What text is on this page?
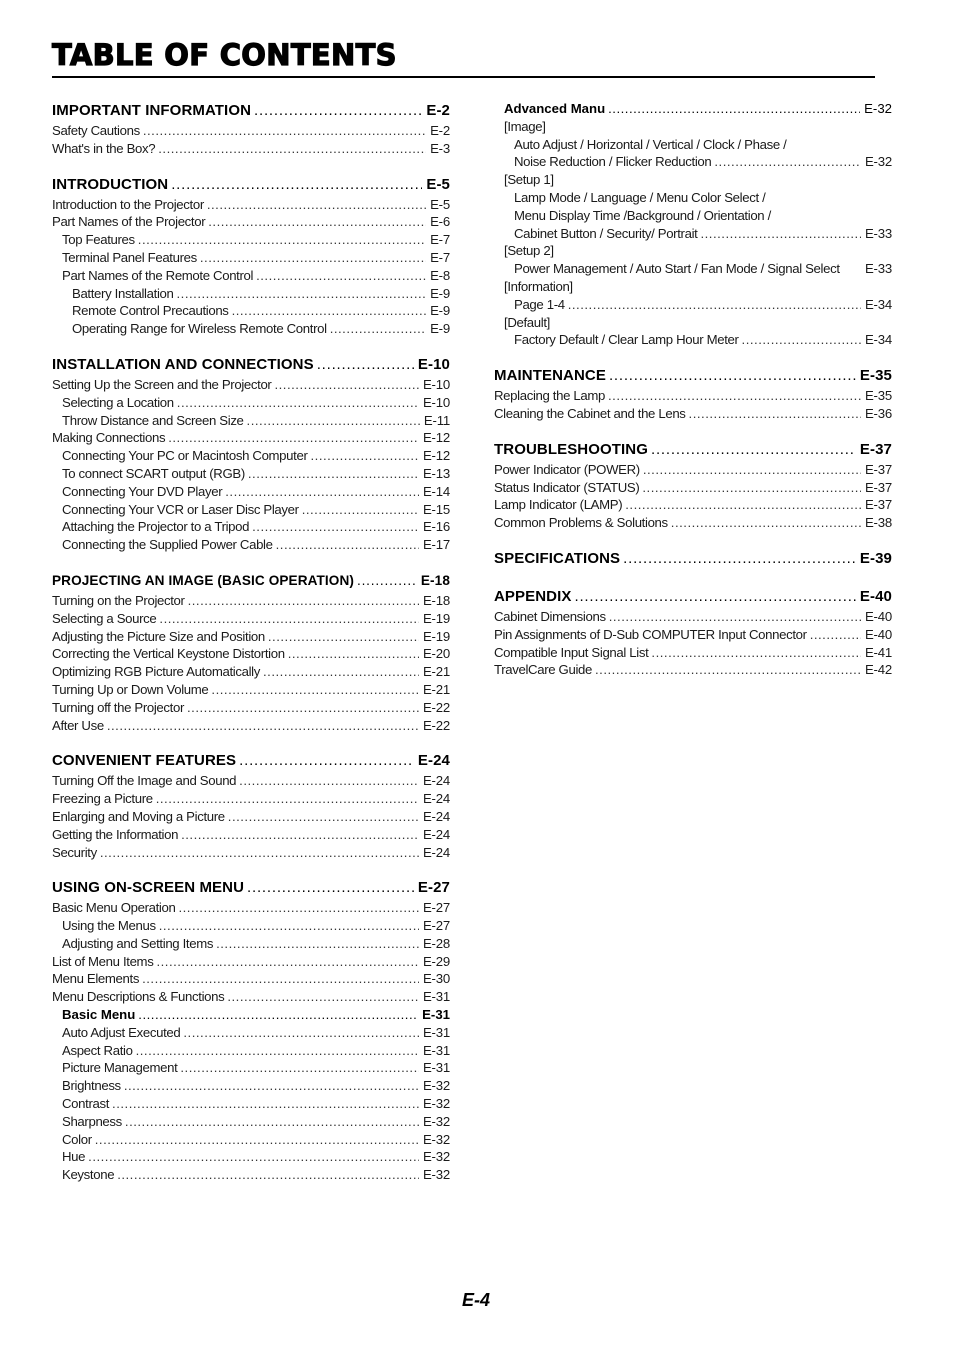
TABLE OF CONTENTS
IMPORTANT INFORMATION .....	E-2
Safety Cautions .....	E-2
What's in the Box? .....	E-3
INTRODUCTION .....	E-5
Introduction to the Projector .....	E-5
Part Names of the Projector .....	E-6
Top Features .....	E-7
Terminal Panel Features .....	E-7
Part Names of the Remote Control .....	E-8
Battery Installation .....	E-9
Remote Control Precautions .....	E-9
Operating Range for Wireless Remote Control .....	E-9
INSTALLATION AND CONNECTIONS .....	E-10
Setting Up the Screen and the Projector .....	E-10
Selecting a Location .....	E-10
Throw Distance and Screen Size .....	E-11
Making Connections .....	E-12
Connecting Your PC or Macintosh Computer .....	E-12
To connect SCART output (RGB) .....	E-13
Connecting Your DVD Player .....	E-14
Connecting Your VCR or Laser Disc Player .....	E-15
Attaching the Projector to a Tripod .....	E-16
Connecting the Supplied Power Cable .....	E-17
PROJECTING AN IMAGE (BASIC OPERATION) .....	E-18
Turning on the Projector .....	E-18
Selecting a Source .....	E-19
Adjusting the Picture Size and Position .....	E-19
Correcting the Vertical Keystone Distortion .....	E-20
Optimizing RGB Picture Automatically .....	E-21
Turning Up or Down Volume .....	E-21
Turning off the Projector .....	E-22
After Use .....	E-22
CONVENIENT FEATURES .....	E-24
Turning Off the Image and Sound .....	E-24
Freezing a Picture .....	E-24
Enlarging and Moving a Picture .....	E-24
Getting the Information .....	E-24
Security .....	E-24
USING ON-SCREEN MENU .....	E-27
Basic Menu Operation .....	E-27
Using the Menus .....	E-27
Adjusting and Setting Items .....	E-28
List of Menu Items .....	E-29
Menu Elements .....	E-30
Menu Descriptions & Functions .....	E-31
Basic Menu .....	E-31
Auto Adjust Executed .....	E-31
Aspect Ratio .....	E-31
Picture Management .....	E-31
Brightness .....	E-32
Contrast .....	E-32
Sharpness .....	E-32
Color .....	E-32
Hue .....	E-32
Keystone .....	E-32
Advanced Manu .....	E-32
[Image]
Auto Adjust / Horizontal / Vertical / Clock / Phase /
Noise Reduction / Flicker Reduction .....	E-32
[Setup 1]
Lamp Mode / Language / Menu Color Select /
Menu Display Time /Background / Orientation /
Cabinet Button / Security/ Portrait .....	E-33
[Setup 2]
Power Management / Auto Start / Fan Mode / Signal Select E-33
[Information]
Page 1-4 .....	E-34
[Default]
Factory Default / Clear Lamp Hour Meter .....	E-34
MAINTENANCE .....	E-35
Replacing the Lamp .....	E-35
Cleaning the Cabinet and the Lens .....	E-36
TROUBLESHOOTING .....	E-37
Power Indicator (POWER) .....	E-37
Status Indicator (STATUS) .....	E-37
Lamp Indicator (LAMP) .....	E-37
Common Problems & Solutions .....	E-38
SPECIFICATIONS .....	E-39
APPENDIX .....	E-40
Cabinet Dimensions .....	E-40
Pin Assignments of D-Sub COMPUTER Input Connector .....	E-40
Compatible Input Signal List .....	E-41
TravelCare Guide .....	E-42
E-4
